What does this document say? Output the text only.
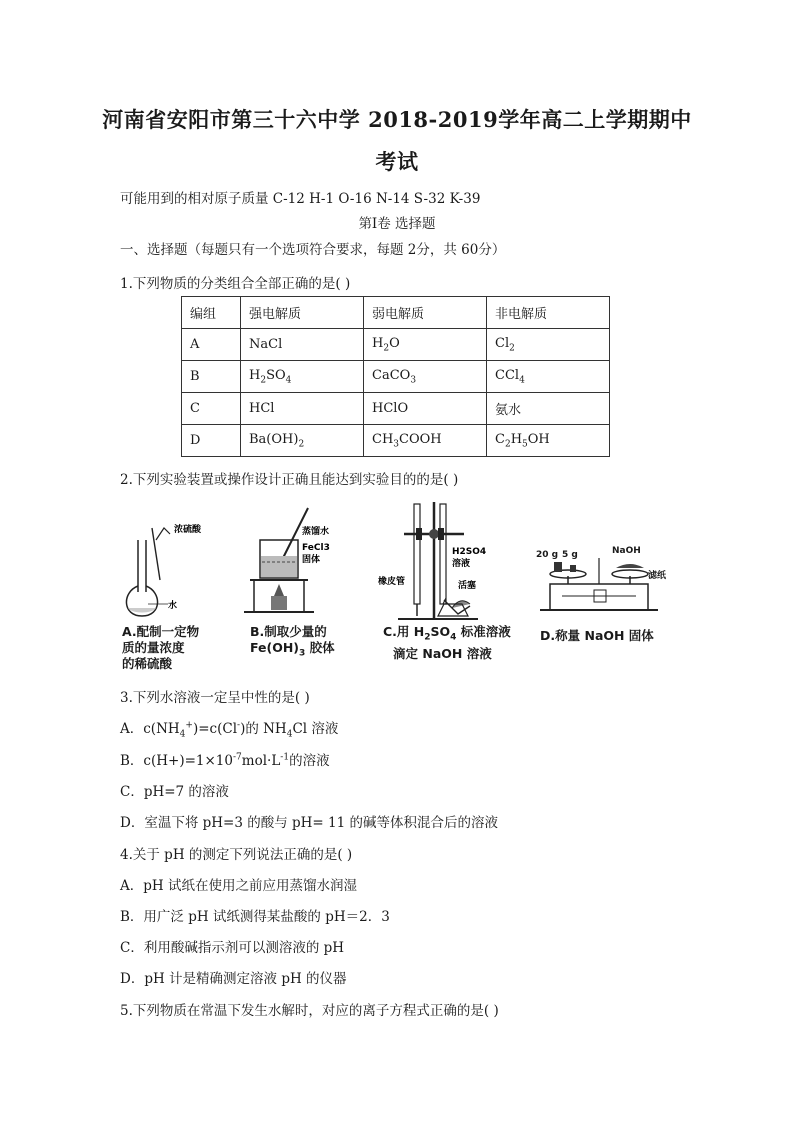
河南省安阳市第三十六中学 2018-2019学年高二上学期期中
考试
可能用到的相对原子质量 C-12 H-1 O-16 N-14 S-32 K-39
第Ⅰ卷 选择题
一、选择题（每题只有一个选项符合要求，每题 2分，共 60分）
1.下列物质的分类组合全部正确的是( )
编组	强电解质	弱电解质	非电解质
A	NaCl	$H_2O$	$Cl_2$
B	$H_2SO_4$	CaCO$_3$	CCl$_4$
C	HCl	HClO	氨水
D	$Ba(OH)_2$	$CH_3COOH$	$C_2H_5OH$
2.下列实验装置或操作设计正确且能达到实验目的的是( )
浓硫酸
水
A.配制一定物
质的量浓度
的稀硫酸
蒸馏水
FeCl3
固体
B.制取少量的
$Fe(OH)_3$ 胶体
H2SO4
溶液
橡皮管	活塞
C.用 $H_2SO_4$ 标准溶液
滴定 NaOH 溶液
20 g 5 g	NaOH
滤纸
D.称量 NaOH 固体
3.下列水溶液一定呈中性的是( )
A．$c(NH_4^+)=c(Cl^-)$的 $NH_4Cl$ 溶液
B．$c(H+)=1\times 10^{-7}mol\cdot L^{-1}$的溶液
C．pH=7 的溶液
D．室温下将 pH=3 的酸与 pH= 11 的碱等体积混合后的溶液
4.关于 pH 的测定下列说法正确的是( )
A．pH 试纸在使用之前应用蒸馏水润湿
B．用广泛 pH 试纸测得某盐酸的 pH＝2．3
C．利用酸碱指示剂可以测溶液的 pH
D．pH 计是精确测定溶液 pH 的仪器
5.下列物质在常温下发生水解时，对应的离子方程式正确的是( )
